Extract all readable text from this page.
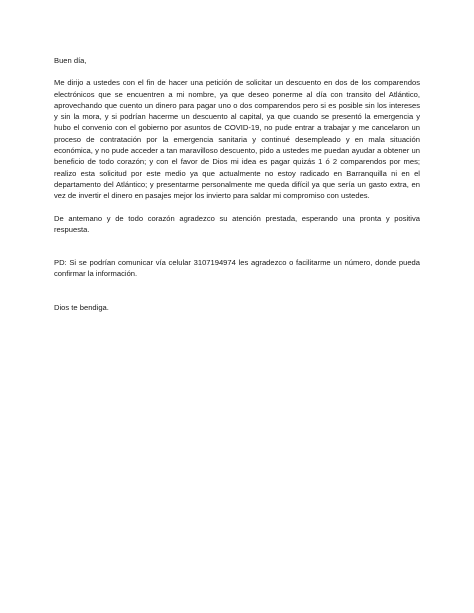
Buen día,

Me dirijo a ustedes con el fin de hacer una petición de solicitar un descuento en dos de los comparendos electrónicos que se encuentren a mi nombre, ya que deseo ponerme al día con transito del Atlántico, aprovechando que cuento un dinero para pagar uno o dos comparendos pero si es posible sin los intereses y sin la mora, y si podrían hacerme un descuento al capital, ya que cuando se presentó la emergencia y hubo el convenio con el gobierno por asuntos de COVID-19, no pude entrar a trabajar y me cancelaron un proceso de contratación por la emergencia sanitaria y continué desempleado y en mala situación económica, y no pude acceder a tan maravilloso descuento, pido a ustedes me puedan ayudar a obtener un beneficio de todo corazón; y con el favor de Dios mi idea es pagar quizás 1 ó 2 comparendos por mes; realizo esta solicitud por este medio ya que actualmente no estoy radicado en Barranquilla ni en el departamento del Atlántico; y presentarme personalmente me queda difícil ya que sería un gasto extra, en vez de invertir el dinero en pasajes mejor los invierto para saldar mi compromiso con ustedes.

De antemano y de todo corazón agradezco su atención prestada, esperando una pronta y positiva respuesta.

PD: Si se podrían comunicar vía celular 3107194974 les agradezco o facilitarme un número, donde pueda confirmar la información.

Dios te bendiga.
